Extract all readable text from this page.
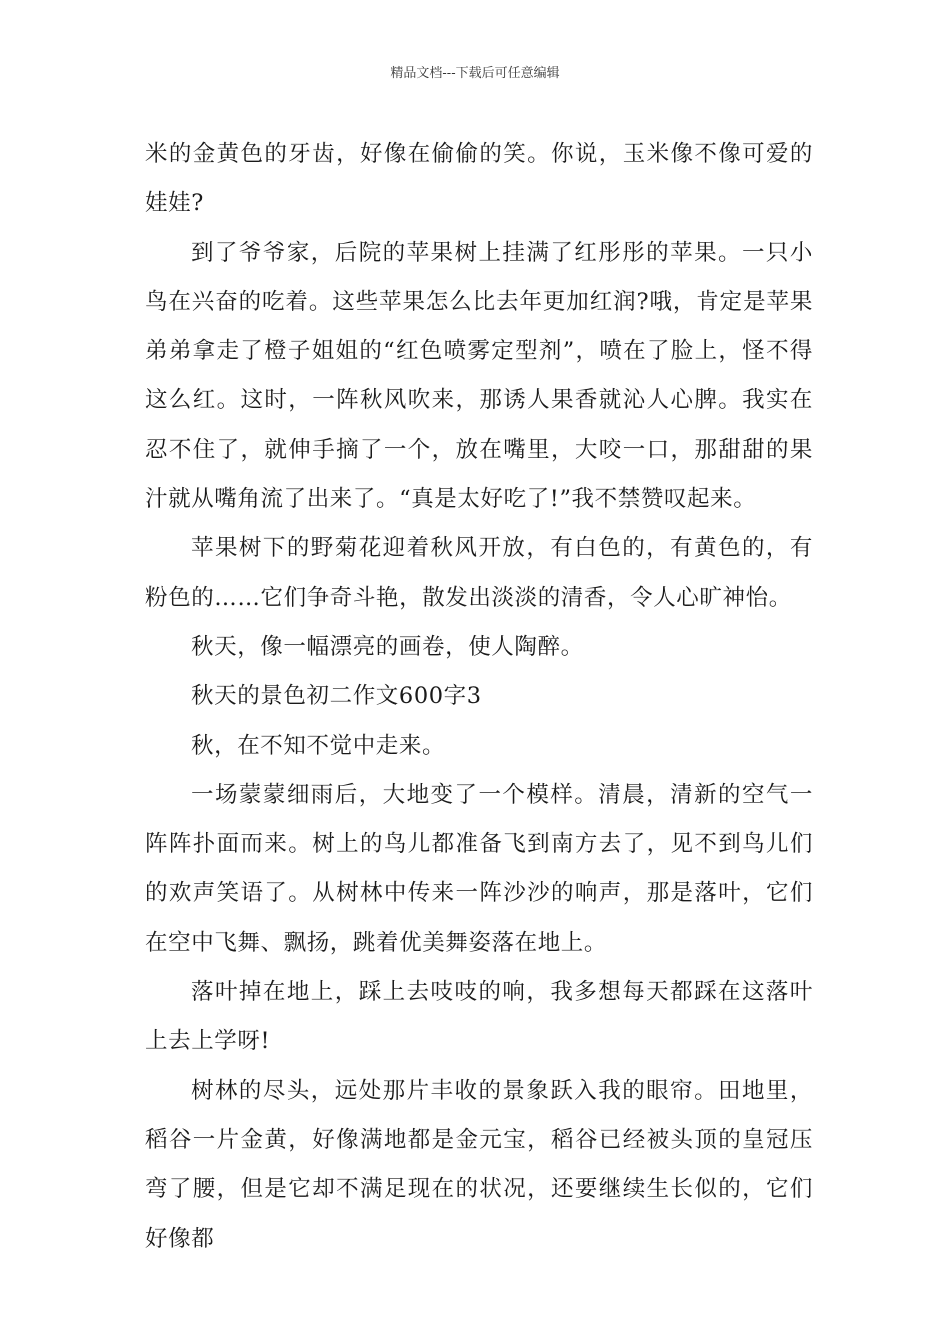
精品文档---下载后可任意编辑

米的金黄色的牙齿，好像在偷偷的笑。你说，玉米像不像可爱的娃娃?

到了爷爷家，后院的苹果树上挂满了红彤彤的苹果。一只小鸟在兴奋的吃着。这些苹果怎么比去年更加红润?哦，肯定是苹果弟弟拿走了橙子姐姐的“红色喷雾定型剂”，喷在了脸上，怪不得这么红。这时，一阵秋风吹来，那诱人果香就沁人心脾。我实在忍不住了，就伸手摘了一个，放在嘴里，大咬一口，那甜甜的果汁就从嘴角流了出来了。“真是太好吃了!”我不禁赞叹起来。

苹果树下的野菊花迎着秋风开放，有白色的，有黄色的，有粉色的……它们争奇斗艳，散发出淡淡的清香，令人心旷神怡。

秋天，像一幅漂亮的画卷，使人陶醉。

秋天的景色初二作文600字3

秋，在不知不觉中走来。

一场蒙蒙细雨后，大地变了一个模样。清晨，清新的空气一阵阵扑面而来。树上的鸟儿都准备飞到南方去了，见不到鸟儿们的欢声笑语了。从树林中传来一阵沙沙的响声，那是落叶，它们在空中飞舞、飘扬，跳着优美舞姿落在地上。

落叶掉在地上，踩上去吱吱的响，我多想每天都踩在这落叶上去上学呀!

树林的尽头，远处那片丰收的景象跃入我的眼帘。田地里，稻谷一片金黄，好像满地都是金元宝，稻谷已经被头顶的皇冠压弯了腰，但是它却不满足现在的状况，还要继续生长似的，它们好像都
